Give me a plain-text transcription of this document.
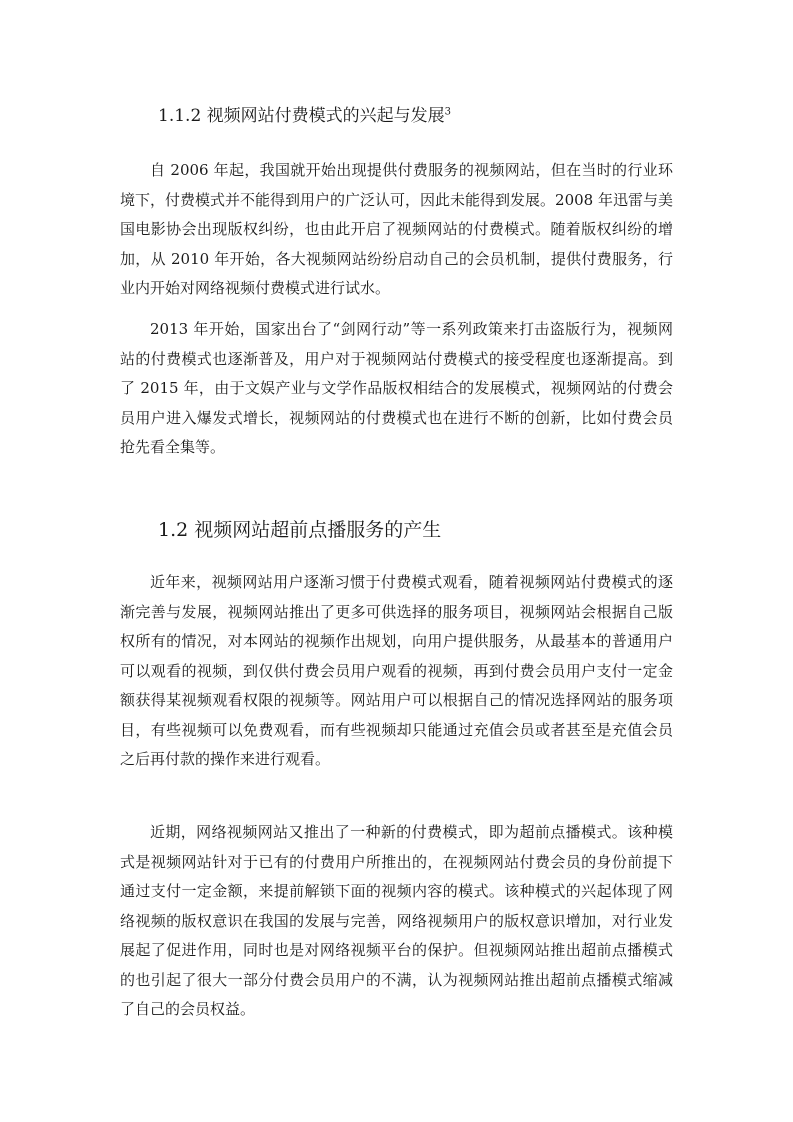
1.1.2 视频网站付费模式的兴起与发展$^3$

自 2006 年起，我国就开始出现提供付费服务的视频网站，但在当时的行业环境下，付费模式并不能得到用户的广泛认可，因此未能得到发展。2008 年迅雷与美国电影协会出现版权纠纷，也由此开启了视频网站的付费模式。随着版权纠纷的增加，从 2010 年开始，各大视频网站纷纷启动自己的会员机制，提供付费服务，行业内开始对网络视频付费模式进行试水。

2013 年开始，国家出台了“剑网行动”等一系列政策来打击盗版行为，视频网站的付费模式也逐渐普及，用户对于视频网站付费模式的接受程度也逐渐提高。到了 2015 年，由于文娱产业与文学作品版权相结合的发展模式，视频网站的付费会员用户进入爆发式增长，视频网站的付费模式也在进行不断的创新，比如付费会员抢先看全集等。

1.2 视频网站超前点播服务的产生

近年来，视频网站用户逐渐习惯于付费模式观看，随着视频网站付费模式的逐渐完善与发展，视频网站推出了更多可供选择的服务项目，视频网站会根据自己版权所有的情况，对本网站的视频作出规划，向用户提供服务，从最基本的普通用户可以观看的视频，到仅供付费会员用户观看的视频，再到付费会员用户支付一定金额获得某视频观看权限的视频等。网站用户可以根据自己的情况选择网站的服务项目，有些视频可以免费观看，而有些视频却只能通过充值会员或者甚至是充值会员之后再付款的操作来进行观看。

近期，网络视频网站又推出了一种新的付费模式，即为超前点播模式。该种模式是视频网站针对于已有的付费用户所推出的，在视频网站付费会员的身份前提下通过支付一定金额，来提前解锁下面的视频内容的模式。该种模式的兴起体现了网络视频的版权意识在我国的发展与完善，网络视频用户的版权意识增加，对行业发展起了促进作用，同时也是对网络视频平台的保护。但视频网站推出超前点播模式的也引起了很大一部分付费会员用户的不满，认为视频网站推出超前点播模式缩减了自己的会员权益。
